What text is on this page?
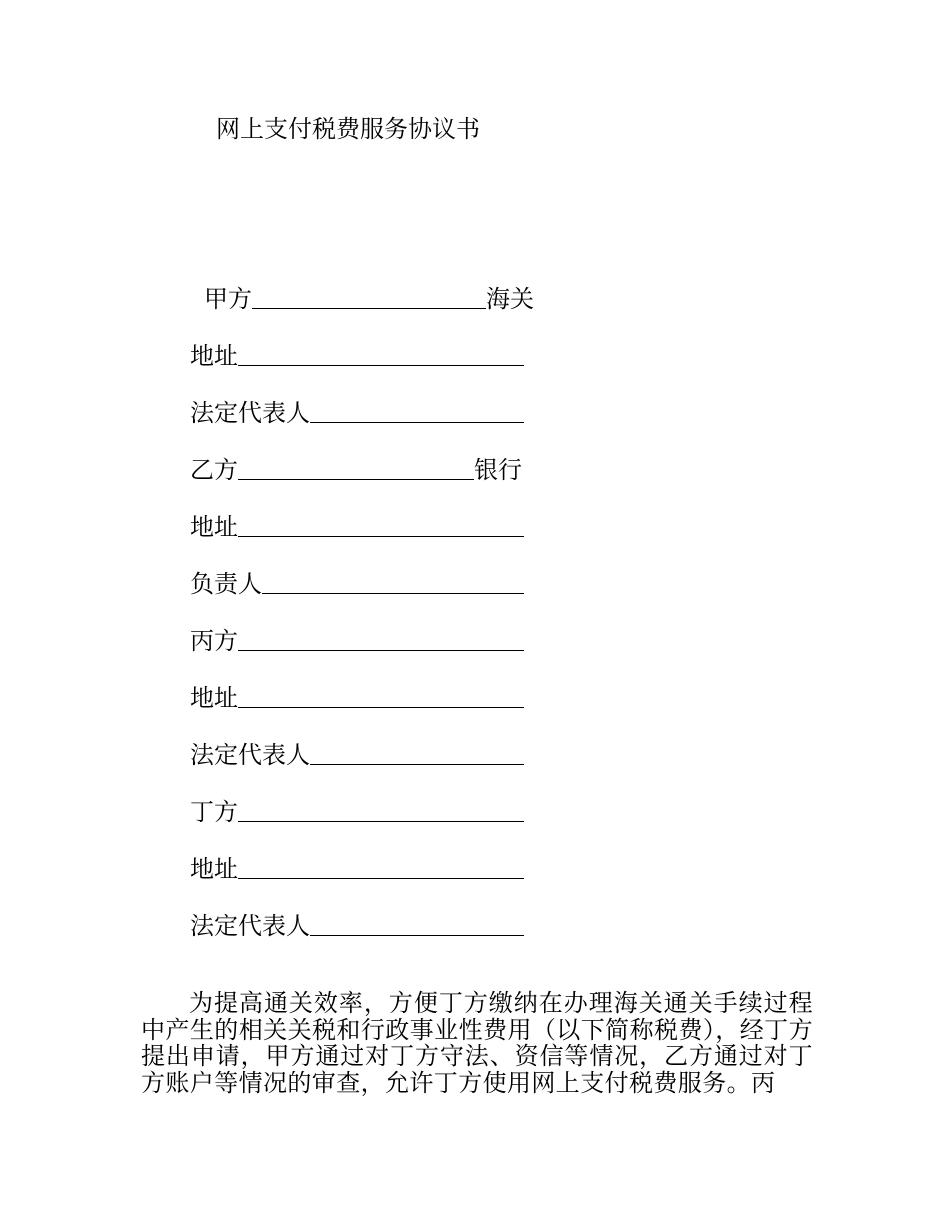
网上支付税费服务协议书
甲方	海关
地址
法定代表人
乙方	银行
地址
负责人
丙方
地址
法定代表人
丁方
地址
法定代表人

为提高通关效率，方便丁方缴纳在办理海关通关手续过程中产生的相关关税和行政事业性费用（以下简称税费），经丁方提出申请，甲方通过对丁方守法、资信等情况，乙方通过对丁方账户等情况的审查，允许丁方使用网上支付税费服务。丙
